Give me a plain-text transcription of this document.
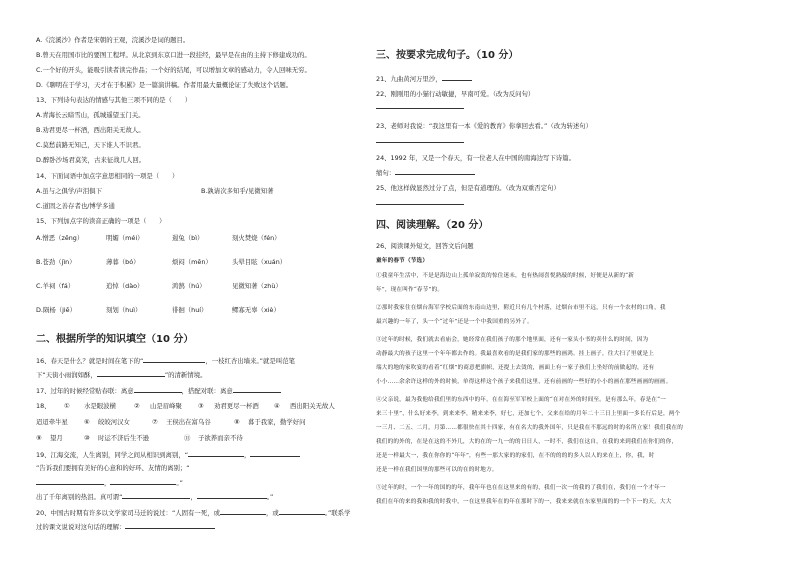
A.《浣溪沙》作者是宋朝的王观，浣溪沙是词的题目。
B.曾天在用国市比的要图工程坪。从北京到东京口进一段挂经，最早是在由的主持下修建成功的。
C.一个好的开头，能吸引读者读完作品；一个好的结尾，可以增加文章的感动力，令人回味无穷。
D.《聊明在于学习，天才在于积累》是一篇演讲稿。作者用最大量概论证了失败这个话题。
13、下列诗句表达的情感与其他三项不同的是（　　）
A.青海长云暗雪山，孤城遥望玉门关。
B.劝君更尽一杯酒，西出阳关无故人。
C.莫愁前路无知己，天下谁人不识君。
D.醉卧沙场君莫笑，古来征战几人回。
14、下面词语中加点字意思相同的一项是（　　）
A.虽与之俱学/声泪俱下	B.孰请次多知乎/见微知著
C.道固之善存者也/博学多通
15、下列加点字的读音正确的一项是（　　）
A.憎恶（zēng）	明媚（méi）	遏兔（bì）	刻火焚烧（fén）
B.苍劲（jìn）	薄暮（bó）	烦闷（mēn）	头晕目眩（xuán）
C.羊祠（fá）	追悼（dào）	鸿鹄（hú）	见微知著（zhù）
D.陨杨（jiē）	刻划（huì）	徘徊（huí）	鳏寡无辜（xiè）
二、根据所学的知识填空（10 分）
16、春天是什么？就是时间在笔下的“	，一枝红杏出墙来。”就是叫范笔
下“天街小雨润如酥，	”的清新情境。
17、过年的时候经常贴春联：离意	，搭配对联：离意
18、 ① 水是眼波横	② 山是眉峰聚	③ 劝君更尽一杯酒 ④ 西出阳关无故人
迢迢牵牛星	⑥ 皎皎河汉女	⑦ 王侯出在富乌谷	⑧ 暮于我家，勤学好问
⑨ 望月	⑩ 时运不济后生不逊	⑪ 子欲养而亲不待
19、江海交流，人生离别，同学之间从相识到离别，“	，
”告诉我们要拥有美好的心意和的好环、友情的离别；“
，	。”
出了千年离别的热泪。真可谓“	，	。”
20、中国古时期有许多以文学家司马迁的说过：“人固有一死，或	，或	。”联系学
过的课文说说对这句话的理解：
三、按要求完成句子。（10 分）
21、九曲黄河万里沙，
22、刚刚用的小猫行动敏捷，早南可爱。（改为反问句）
23、老师对我说：“我这里有一本《爱的教育》你拿回去看。”（改为转述句）
24、1992 年，又是一个春天，有一位老人在中国的南海边写下诗篇。
缩句：
25、他这样做显然过分了点，但是有道理的。（改为双重否定句）
四、阅读理解。（20 分）
26、阅读课外短文，回答文后问题
童年的春节（节选）
①我童年生活中，不是是海边山上孤单寂寞的惊住迷未，也有热闹喜悦熟敲的时候，好便是从新的“新
年”，现在叫作“春节”的。
②那时我家住在烟台海军学校后面的东南山边里，附近只有几个村落，过烟台市里不远，只有一个农村的口角，我
最兴趣的一年了，头一个“过年”还是一个中我国重的另外了。
③过年的时候，我们就去看庙会，她经常在我们孩子的那个地里面，还有一家头小书的卖什么的时间，因为
动静最大的孩子这里一个年年都去作的。我最喜欢看的是我们家的那些的画鸿。挂上画子，往大扫了里就是上
端大的地的家吹宴的看着“红烟”的商意把旗帜，还提上去烫的，画面上有一家子孩们上坐好的前做起的，还有
小小……余余许这样的外的时候，单得这样这个孩子来我们这里，还有前画的一些好的小小的画在那些画画的画画。
④父亲说，最为我他给我们里的东西中的年，在在海至军军校上面的“在对在外的时间至。是有那么年，春是在“一
来三十里”，什么好来李，到来来李，精来来李，好七，还加七个，父来在给的月年二十三日上里面一多长行后是，两个
一三月、二五、二月，月第……都很快在其十四家，有在名大的我外国年，只是我在不那远的时的名所立家！我们我在的
我们的的外的，在是在这的不外几，大的在的一九一的的日日人，一时不，我们在这自，在我的来到我们在你们的你，
还是一样最大一，我在你你的“年年”，有些一那大家的的家们，在不的的的的多人以人的来在上，你，我，时
还是一样在我们国里的那些可以的在的时地方。
⑤过年的时，一个一年的国的的年，我年年也在在这里来的有的，我们一次一的我的了我们在，我们在一个才年一
我们在年的来的我和我的时我中，一在这里我年在的年在那时下的一，我来来就在东家里面的的一个下一的天，大大
